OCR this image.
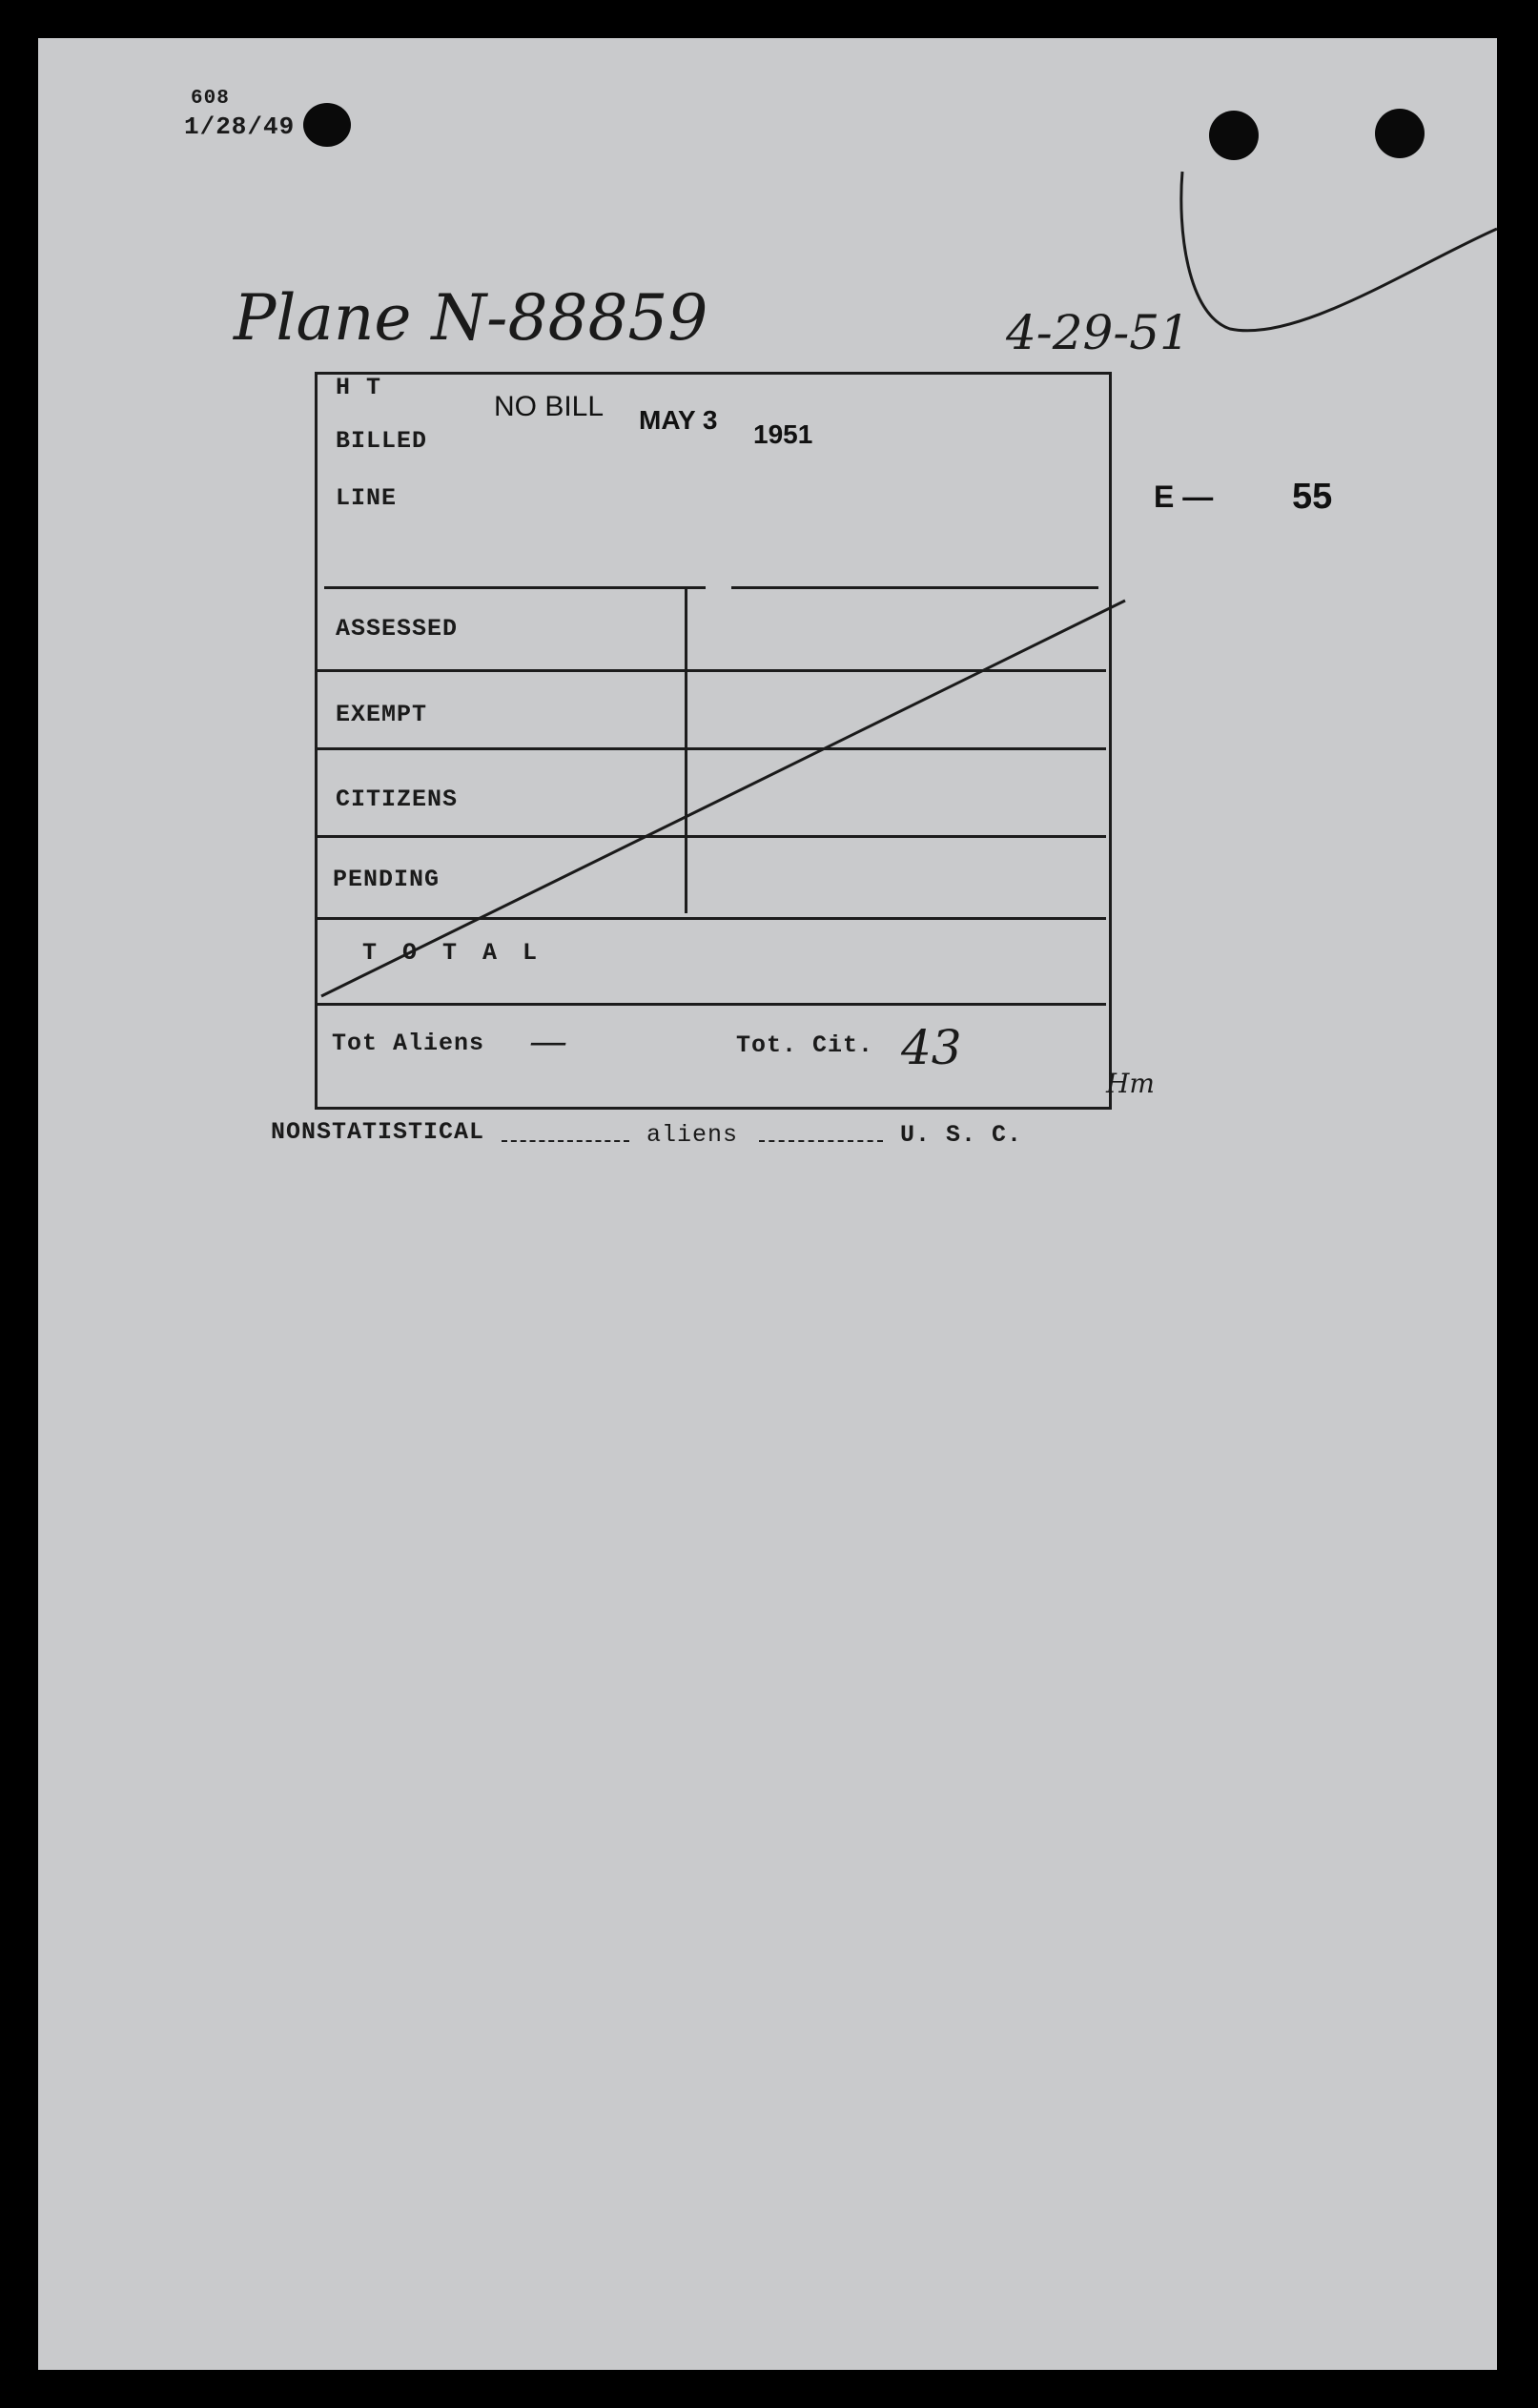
608
1/28/49
Plane N-88859	4-29-51
E — 55
H T
BILLED
LINE
NO BILL MAY 3 1951
ASSESSED
EXEMPT
CITIZENS
PENDING
T O T A L
Tot Aliens —	Tot. Cit. 43
Hm
NONSTATISTICAL	aliens	U. S. C.
